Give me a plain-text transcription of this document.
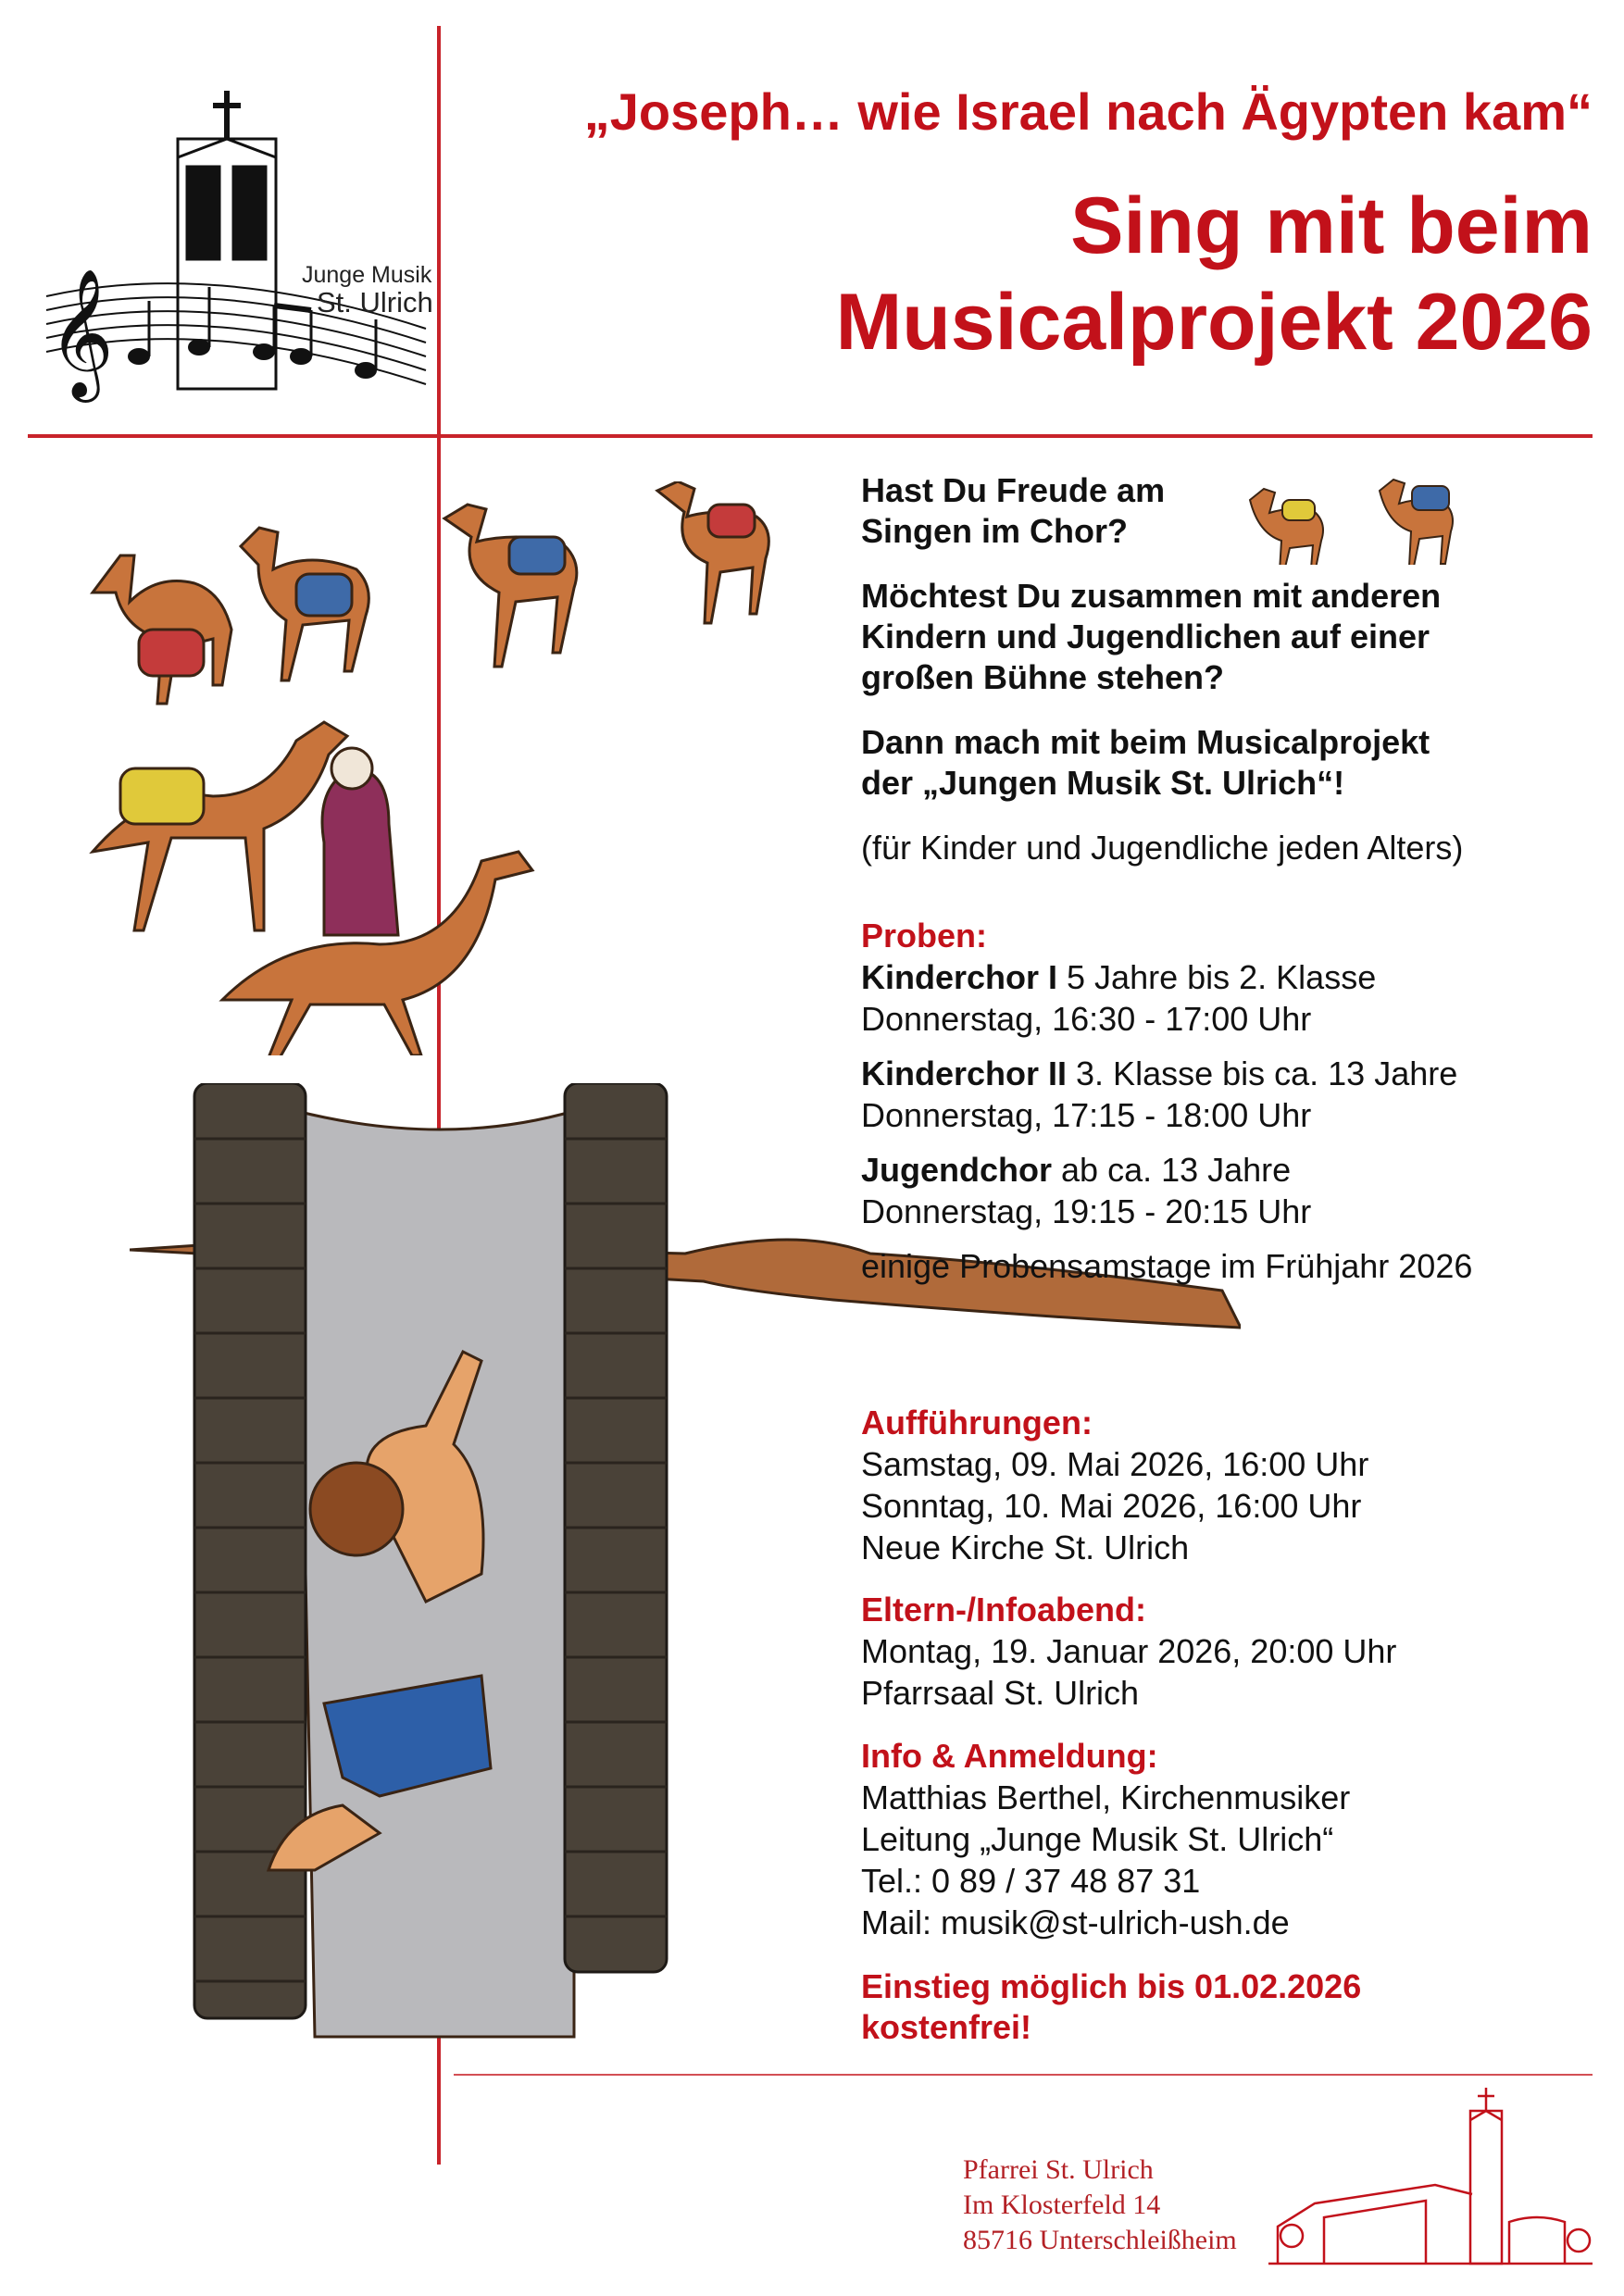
𝄞	Junge Musik
St. Ulrich
„Joseph… wie Israel nach Ägypten kam“
Sing mit beim
Musicalprojekt 2026
Hast Du Freude am
Singen im Chor?
Möchtest Du zusammen mit anderen
Kindern und Jugendlichen auf einer
großen Bühne stehen?
Dann mach mit beim Musicalprojekt
der „Jungen Musik St. Ulrich“!
(für Kinder und Jugendliche jeden Alters)
Proben:

Kinderchor I 5 Jahre bis 2. Klasse

Donnerstag, 16:30 - 17:00 Uhr

Kinderchor II 3. Klasse bis ca. 13 Jahre

Donnerstag, 17:15 - 18:00 Uhr

Jugendchor ab ca. 13 Jahre

Donnerstag, 19:15 - 20:15 Uhr

einige Probensamstage im Frühjahr 2026

Aufführungen:

Samstag, 09. Mai 2026, 16:00 Uhr

Sonntag, 10. Mai 2026, 16:00 Uhr

Neue Kirche St. Ulrich

Eltern-/Infoabend:

Montag, 19. Januar 2026, 20:00 Uhr

Pfarrsaal St. Ulrich

Info & Anmeldung:

Matthias Berthel, Kirchenmusiker

Leitung „Junge Musik St. Ulrich“

Tel.: 0 89 / 37 48 87 31

Mail: musik@st-ulrich-ush.de

Einstieg möglich bis 01.02.2026
kostenfrei!
Pfarrei St. Ulrich
Im Klosterfeld 14
85716 Unterschleißheim
